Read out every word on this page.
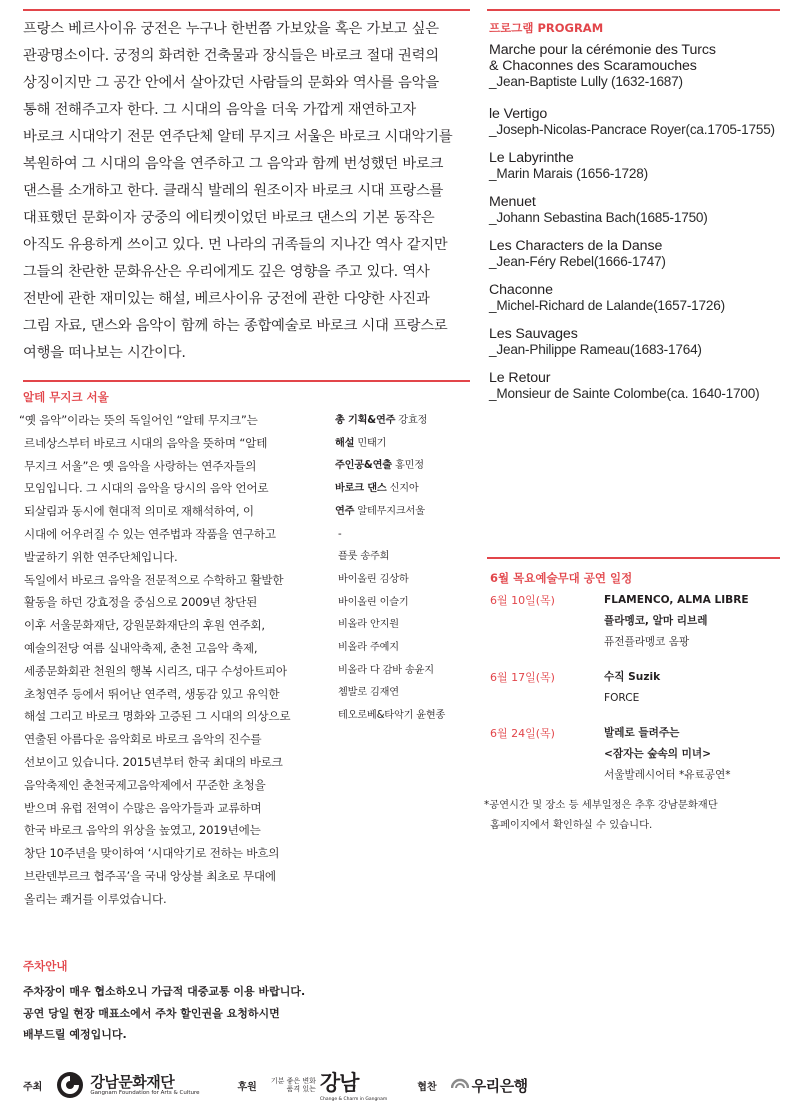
프랑스 베르사이유 궁전은 누구나 한번쯤 가보았을 혹은 가보고 싶은
관광명소이다. 궁정의 화려한 건축물과 장식들은 바로크 절대 권력의
상징이지만 그 공간 안에서 살아갔던 사람들의 문화와 역사를 음악을
통해 전해주고자 한다. 그 시대의 음악을 더욱 가깝게 재연하고자
바로크 시대악기 전문 연주단체 알테 무지크 서울은 바로크 시대악기를
복원하여 그 시대의 음악을 연주하고 그 음악과 함께 번성했던 바로크
댄스를 소개하고 한다. 클래식 발레의 원조이자 바로크 시대 프랑스를
대표했던 문화이자 궁중의 에티켓이었던 바로크 댄스의 기본 동작은
아직도 유용하게 쓰이고 있다. 먼 나라의 귀족들의 지나간 역사 같지만
그들의 찬란한 문화유산은 우리에게도 깊은 영향을 주고 있다. 역사
전반에 관한 재미있는 해설, 베르사이유 궁전에 관한 다양한 사진과
그림 자료, 댄스와 음악이 함께 하는 종합예술로 바로크 시대 프랑스로
여행을 떠나보는 시간이다.
알테 무지크 서울
“옛 음악”이라는 뜻의 독일어인 “알테 무지크”는
르네상스부터 바로크 시대의 음악을 뜻하며 “알테
무지크 서울”은 옛 음악을 사랑하는 연주자들의
모임입니다. 그 시대의 음악을 당시의 음악 언어로
되살림과 동시에 현대적 의미로 재해석하여, 이
시대에 어우러질 수 있는 연주법과 작품을 연구하고
발굴하기 위한 연주단체입니다.
독일에서 바로크 음악을 전문적으로 수학하고 활발한
활동을 하던 강효정을 중심으로 2009년 창단된
이후 서울문화재단, 강원문화재단의 후원 연주회,
예술의전당 여름 실내악축제, 춘천 고음악 축제,
세종문화회관 천원의 행복 시리즈, 대구 수성아트피아
초청연주 등에서 뛰어난 연주력, 생동감 있고 유익한
해설 그리고 바로크 명화와 고증된 그 시대의 의상으로
연출된 아름다운 음악회로 바로크 음악의 진수를
선보이고 있습니다. 2015년부터 한국 최대의 바로크
음악축제인 춘천국제고음악제에서 꾸준한 초청을
받으며 유럽 전역이 수많은 음악가들과 교류하며
한국 바로크 음악의 위상을 높였고, 2019년에는
창단 10주년을 맞이하여 ‘시대악기로 전하는 바흐의
브란덴부르크 협주곡’을 국내 앙상블 최초로 무대에
올리는 쾌거를 이루었습니다.
총 기획&연주 강효정
해설 민태기
주인공&연출 홍민정
바로크 댄스 신지아
연주 알테무지크서울
-
플룻 송주희
바이올린 김상하
바이올린 이슬기
비올라 안지원
비올라 주예지
비올라 다 감바 송윤지
쳄발로 김재연
테오로베&타악기 윤현종
프로그램 PROGRAM
Marche pour la cérémonie des Turcs
& Chaconnes des Scaramouches
_Jean-Baptiste Lully (1632-1687)
le Vertigo
_Joseph-Nicolas-Pancrace Royer(ca.1705-1755)
Le Labyrinthe
_Marin Marais (1656-1728)
Menuet
_Johann Sebastina Bach(1685-1750)
Les Characters de la Danse
_Jean-Féry Rebel(1666-1747)
Chaconne
_Michel-Richard de Lalande(1657-1726)
Les Sauvages
_Jean-Philippe Rameau(1683-1764)
Le Retour
_Monsieur de Sainte Colombe(ca. 1640-1700)
6월 목요예술무대 공연 일정
6월 10일(목)	FLAMENCO, ALMA LIBRE
플라멩코, 알마 리브레
퓨전플라멩코 옴팡
6월 17일(목)	수직 Suzik
FORCE
6월 24일(목)	발레로 들려주는
<잠자는 숲속의 미녀>
서울발레시어터 *유료공연*
*공연시간 및 장소 등 세부일정은 추후 강남문화재단
홈페이지에서 확인하실 수 있습니다.
주차안내
주차장이 매우 협소하오니 가급적 대중교통 이용 바랍니다.
공연 당일 현장 매표소에서 주차 할인권을 요청하시면
배부드릴 예정입니다.
주최	강남문화재단
Gangnam Foundation for Arts & Culture	후원
기분 좋은 변화
품격 있는 강남
Change & Charm in Gangnam
협찬 우리은행
